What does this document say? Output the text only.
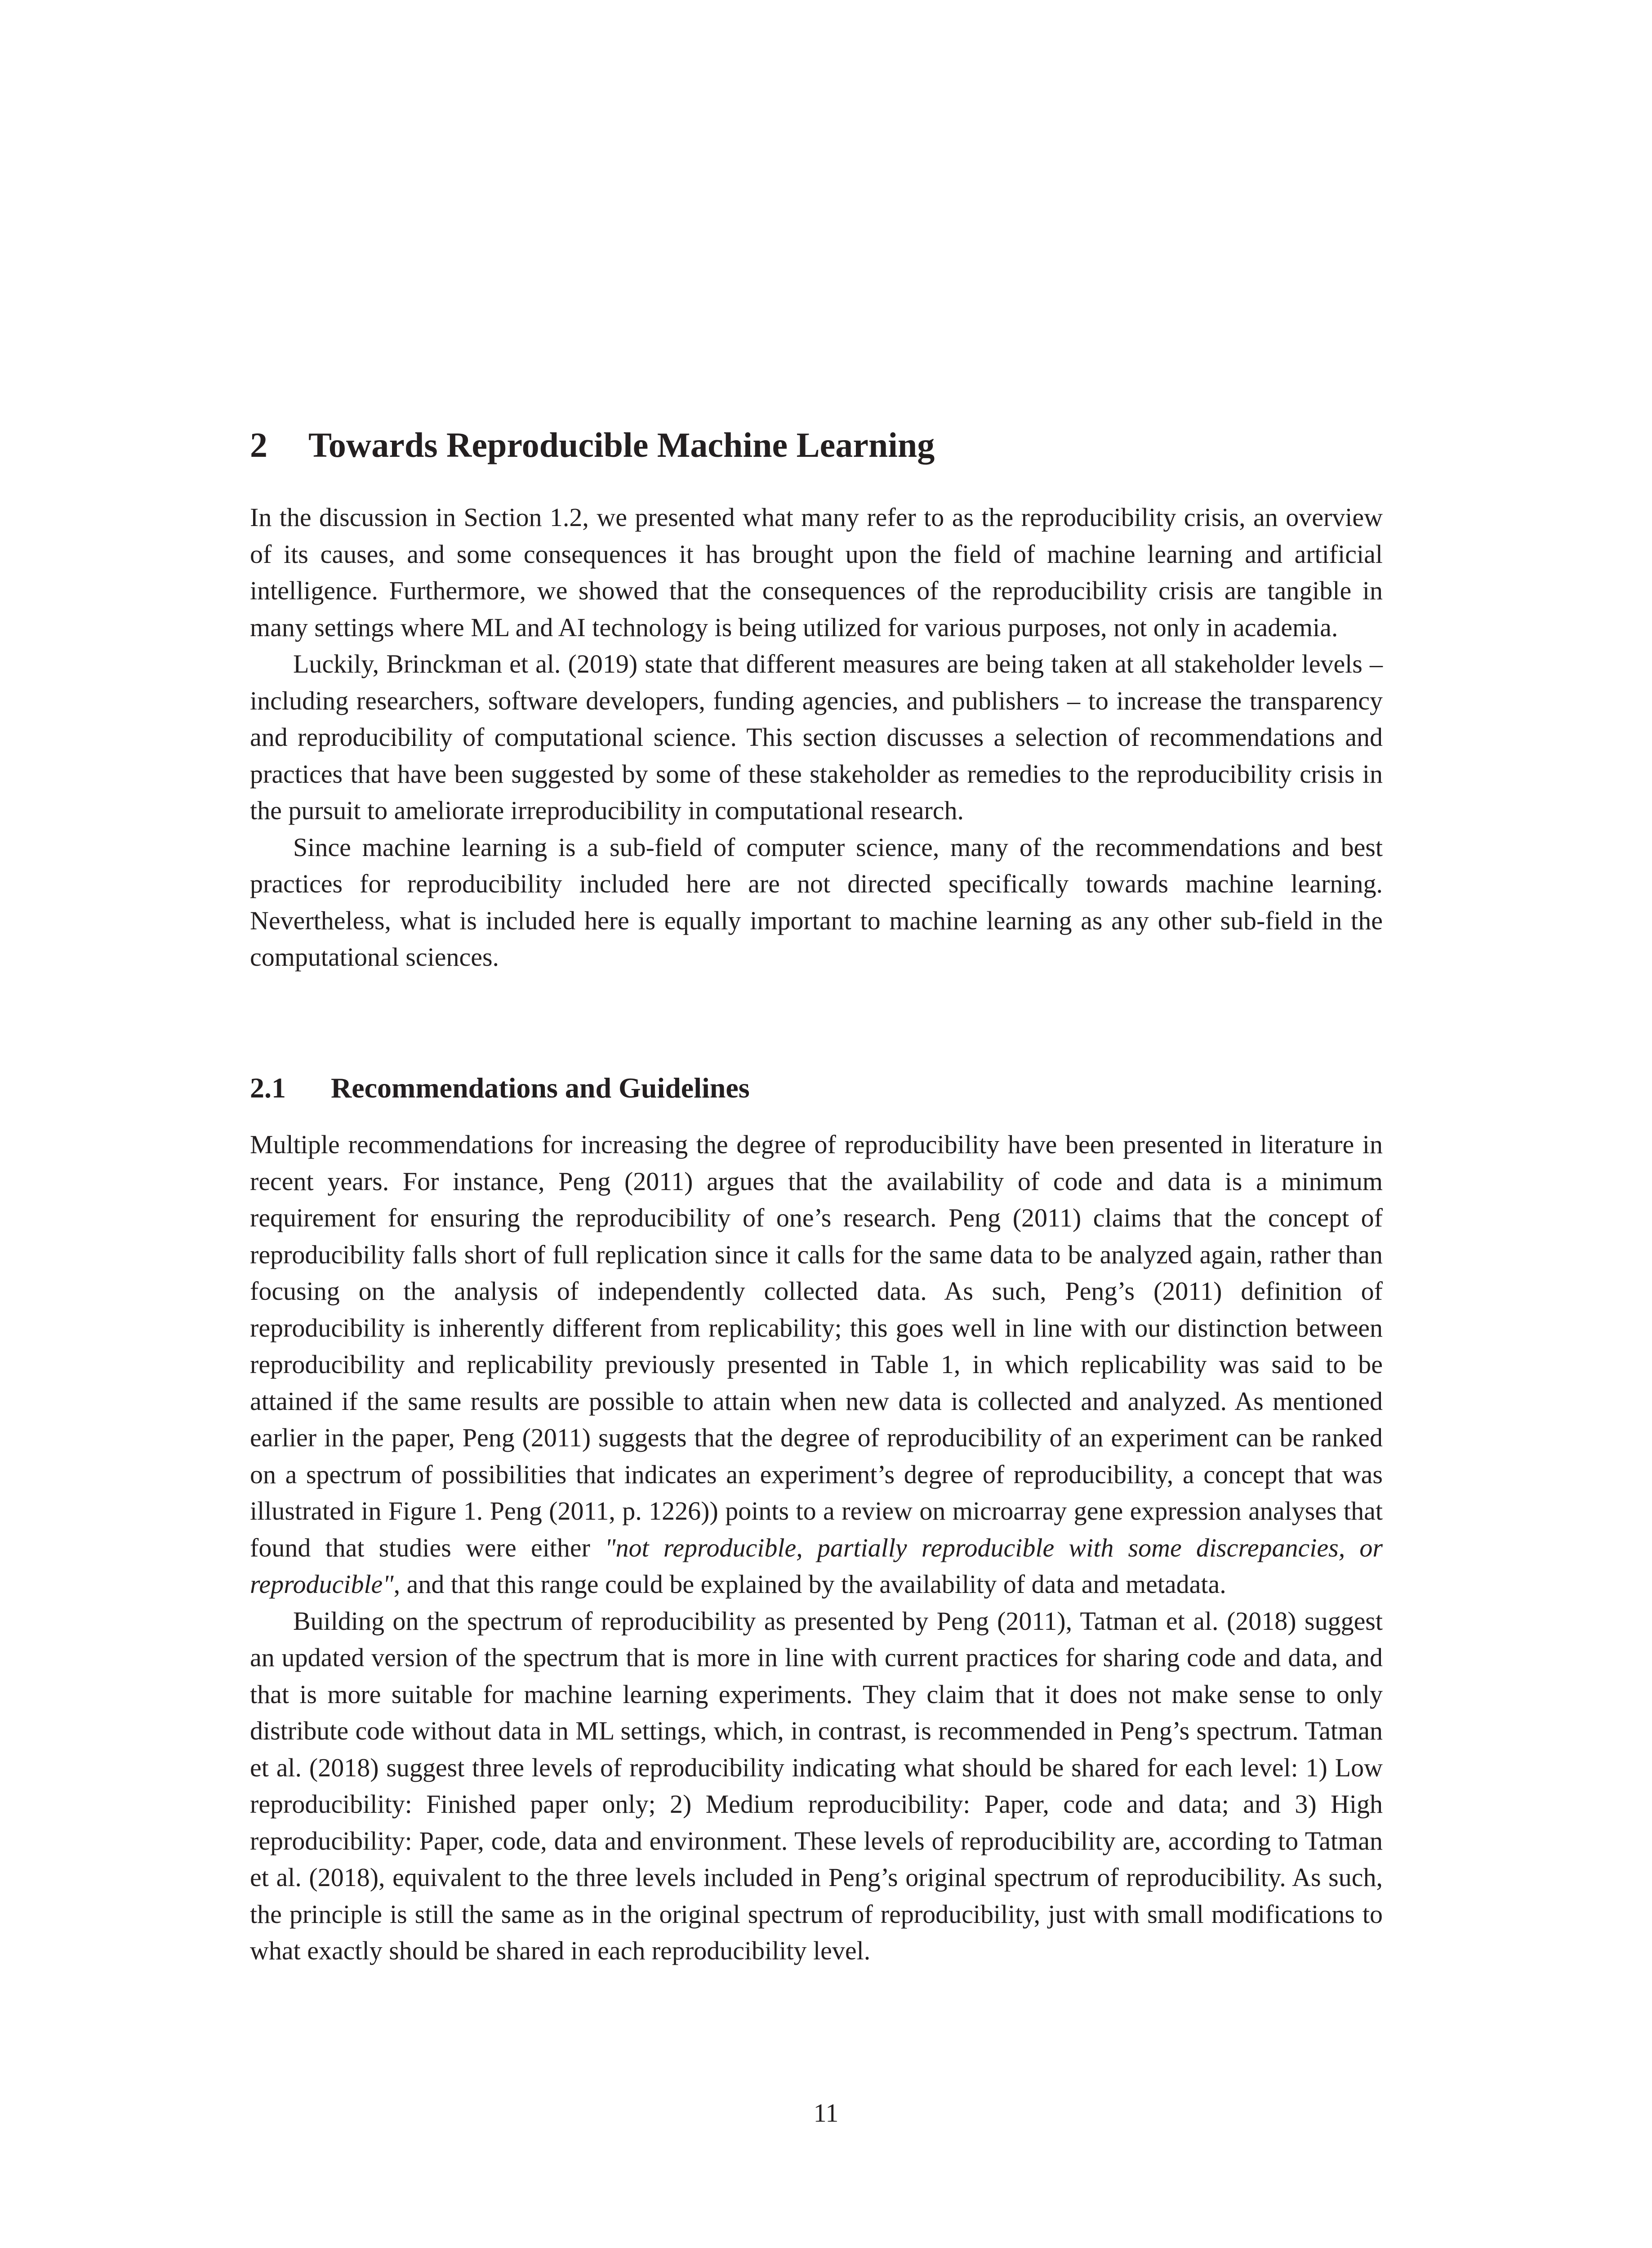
2 Towards Reproducible Machine Learning

In the discussion in Section 1.2, we presented what many refer to as the reproducibility crisis, an overview of its causes, and some consequences it has brought upon the field of machine learning and artificial intelligence. Furthermore, we showed that the consequences of the reproducibility crisis are tangible in many settings where ML and AI technology is being utilized for various purposes, not only in academia.

Luckily, Brinckman et al. (2019) state that different measures are being taken at all stakeholder levels – including researchers, software developers, funding agencies, and publishers – to increase the transparency and reproducibility of computational science. This section discusses a selection of recommendations and practices that have been suggested by some of these stakeholder as remedies to the reproducibility crisis in the pursuit to ameliorate irreproducibility in computational research.

Since machine learning is a sub-field of computer science, many of the recommendations and best practices for reproducibility included here are not directed specifically towards machine learning. Nevertheless, what is included here is equally important to machine learning as any other sub-field in the computational sciences.

2.1 Recommendations and Guidelines

Multiple recommendations for increasing the degree of reproducibility have been presented in literature in recent years. For instance, Peng (2011) argues that the availability of code and data is a minimum requirement for ensuring the reproducibility of one’s research. Peng (2011) claims that the concept of reproducibility falls short of full replication since it calls for the same data to be analyzed again, rather than focusing on the analysis of independently collected data. As such, Peng’s (2011) definition of reproducibility is inherently different from replicability; this goes well in line with our distinction between reproducibility and replicability previously presented in Table 1, in which replicability was said to be attained if the same results are possible to attain when new data is collected and analyzed. As mentioned earlier in the paper, Peng (2011) suggests that the degree of reproducibility of an experiment can be ranked on a spectrum of possibilities that indicates an experiment’s degree of reproducibility, a concept that was illustrated in Figure 1. Peng (2011, p. 1226)) points to a review on microarray gene expression analyses that found that studies were either "not reproducible, partially reproducible with some discrepancies, or reproducible", and that this range could be explained by the availability of data and metadata.

Building on the spectrum of reproducibility as presented by Peng (2011), Tatman et al. (2018) suggest an updated version of the spectrum that is more in line with current practices for sharing code and data, and that is more suitable for machine learning experiments. They claim that it does not make sense to only distribute code without data in ML settings, which, in contrast, is recommended in Peng’s spectrum. Tatman et al. (2018) suggest three levels of reproducibility indicating what should be shared for each level: 1) Low reproducibility: Finished paper only; 2) Medium reproducibility: Paper, code and data; and 3) High reproducibility: Paper, code, data and environment. These levels of reproducibility are, according to Tatman et al. (2018), equivalent to the three levels included in Peng’s original spectrum of reproducibility. As such, the principle is still the same as in the original spectrum of reproducibility, just with small modifications to what exactly should be shared in each reproducibility level.

11
